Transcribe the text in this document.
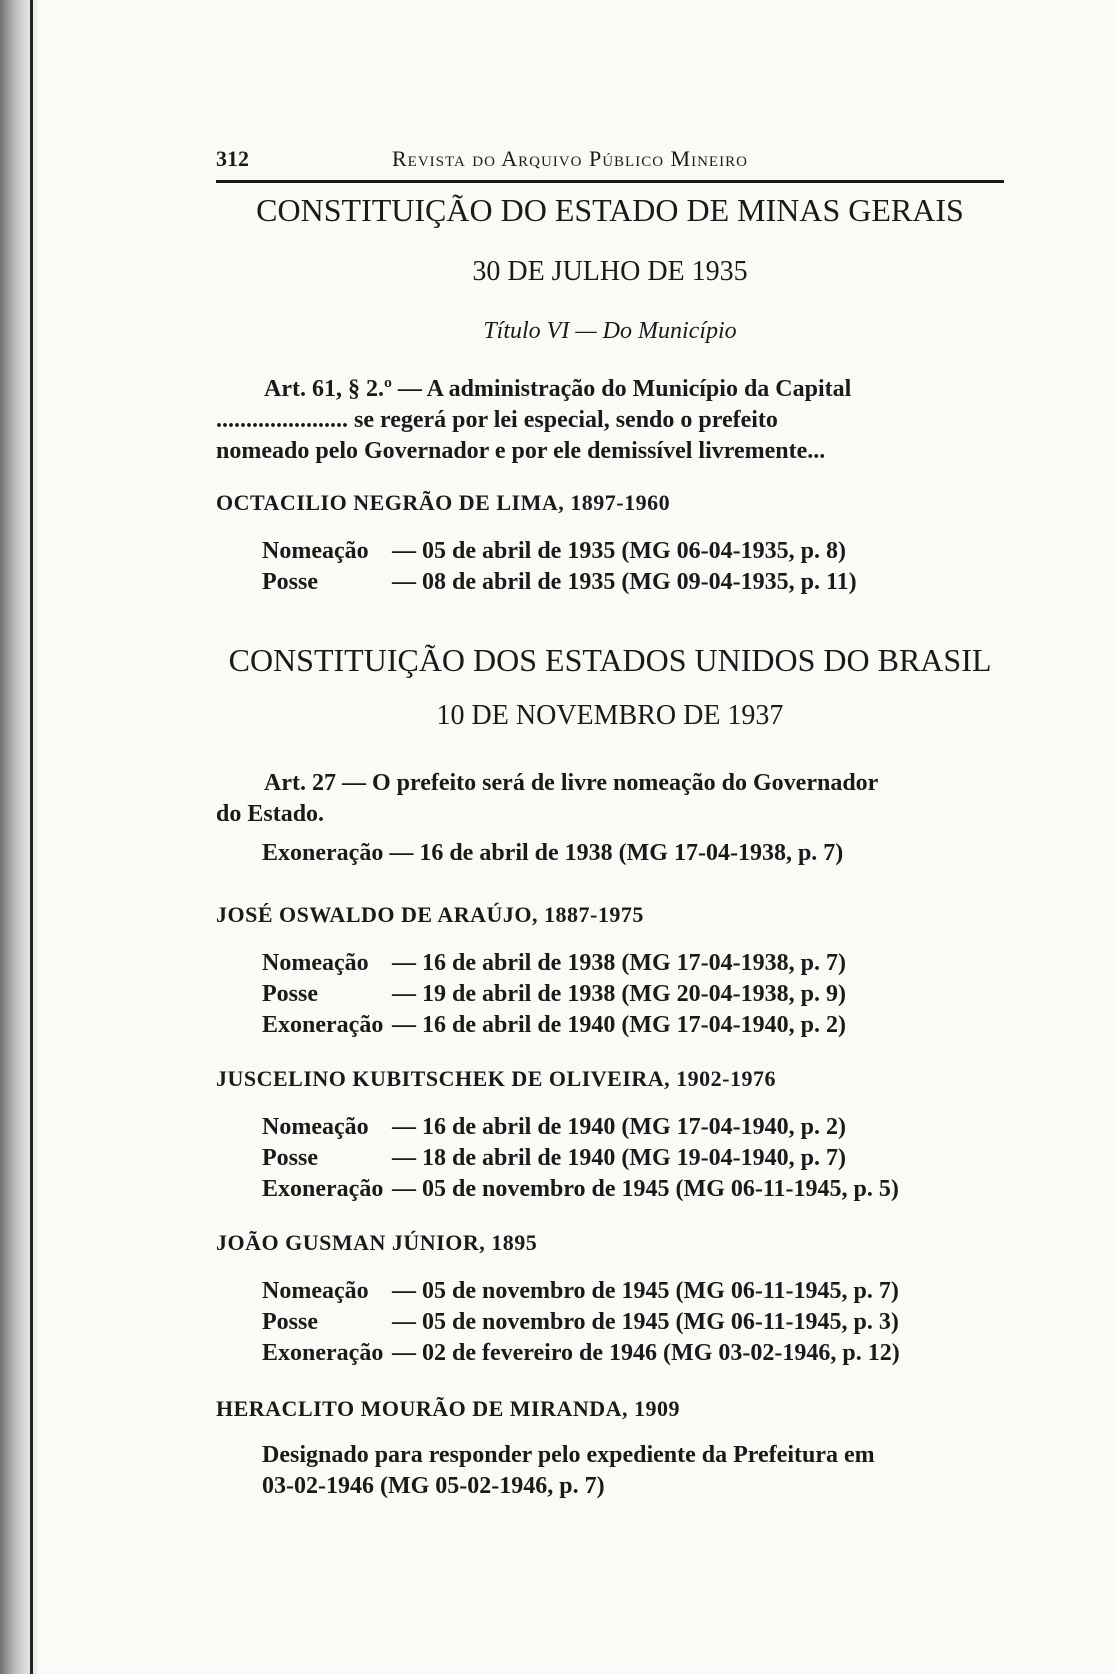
312	Revista do Arquivo Público Mineiro
CONSTITUIÇÃO DO ESTADO DE MINAS GERAIS
30 DE JULHO DE 1935
Título VI — Do Município
Art. 61, § 2.º — A administração do Município da Capital
...................... se regerá por lei especial, sendo o prefeito
nomeado pelo Governador e por ele demissível livremente...
OCTACILIO NEGRÃO DE LIMA, 1897-1960
Nomeação — 05 de abril de 1935 (MG 06-04-1935, p. 8)
Posse	— 08 de abril de 1935 (MG 09-04-1935, p. 11)
CONSTITUIÇÃO DOS ESTADOS UNIDOS DO BRASIL
10 DE NOVEMBRO DE 1937
Art. 27 — O prefeito será de livre nomeação do Governador
do Estado.
Exoneração — 16 de abril de 1938 (MG 17-04-1938, p. 7)
JOSÉ OSWALDO DE ARAÚJO, 1887-1975
Nomeação — 16 de abril de 1938 (MG 17-04-1938, p. 7)
Posse	— 19 de abril de 1938 (MG 20-04-1938, p. 9)
Exoneração — 16 de abril de 1940 (MG 17-04-1940, p. 2)
JUSCELINO KUBITSCHEK DE OLIVEIRA, 1902-1976
Nomeação — 16 de abril de 1940 (MG 17-04-1940, p. 2)
Posse	— 18 de abril de 1940 (MG 19-04-1940, p. 7)
Exoneração — 05 de novembro de 1945 (MG 06-11-1945, p. 5)
JOÃO GUSMAN JÚNIOR, 1895
Nomeação — 05 de novembro de 1945 (MG 06-11-1945, p. 7)
Posse	— 05 de novembro de 1945 (MG 06-11-1945, p. 3)
Exoneração — 02 de fevereiro de 1946 (MG 03-02-1946, p. 12)
HERACLITO MOURÃO DE MIRANDA, 1909
Designado para responder pelo expediente da Prefeitura em
03-02-1946 (MG 05-02-1946, p. 7)
